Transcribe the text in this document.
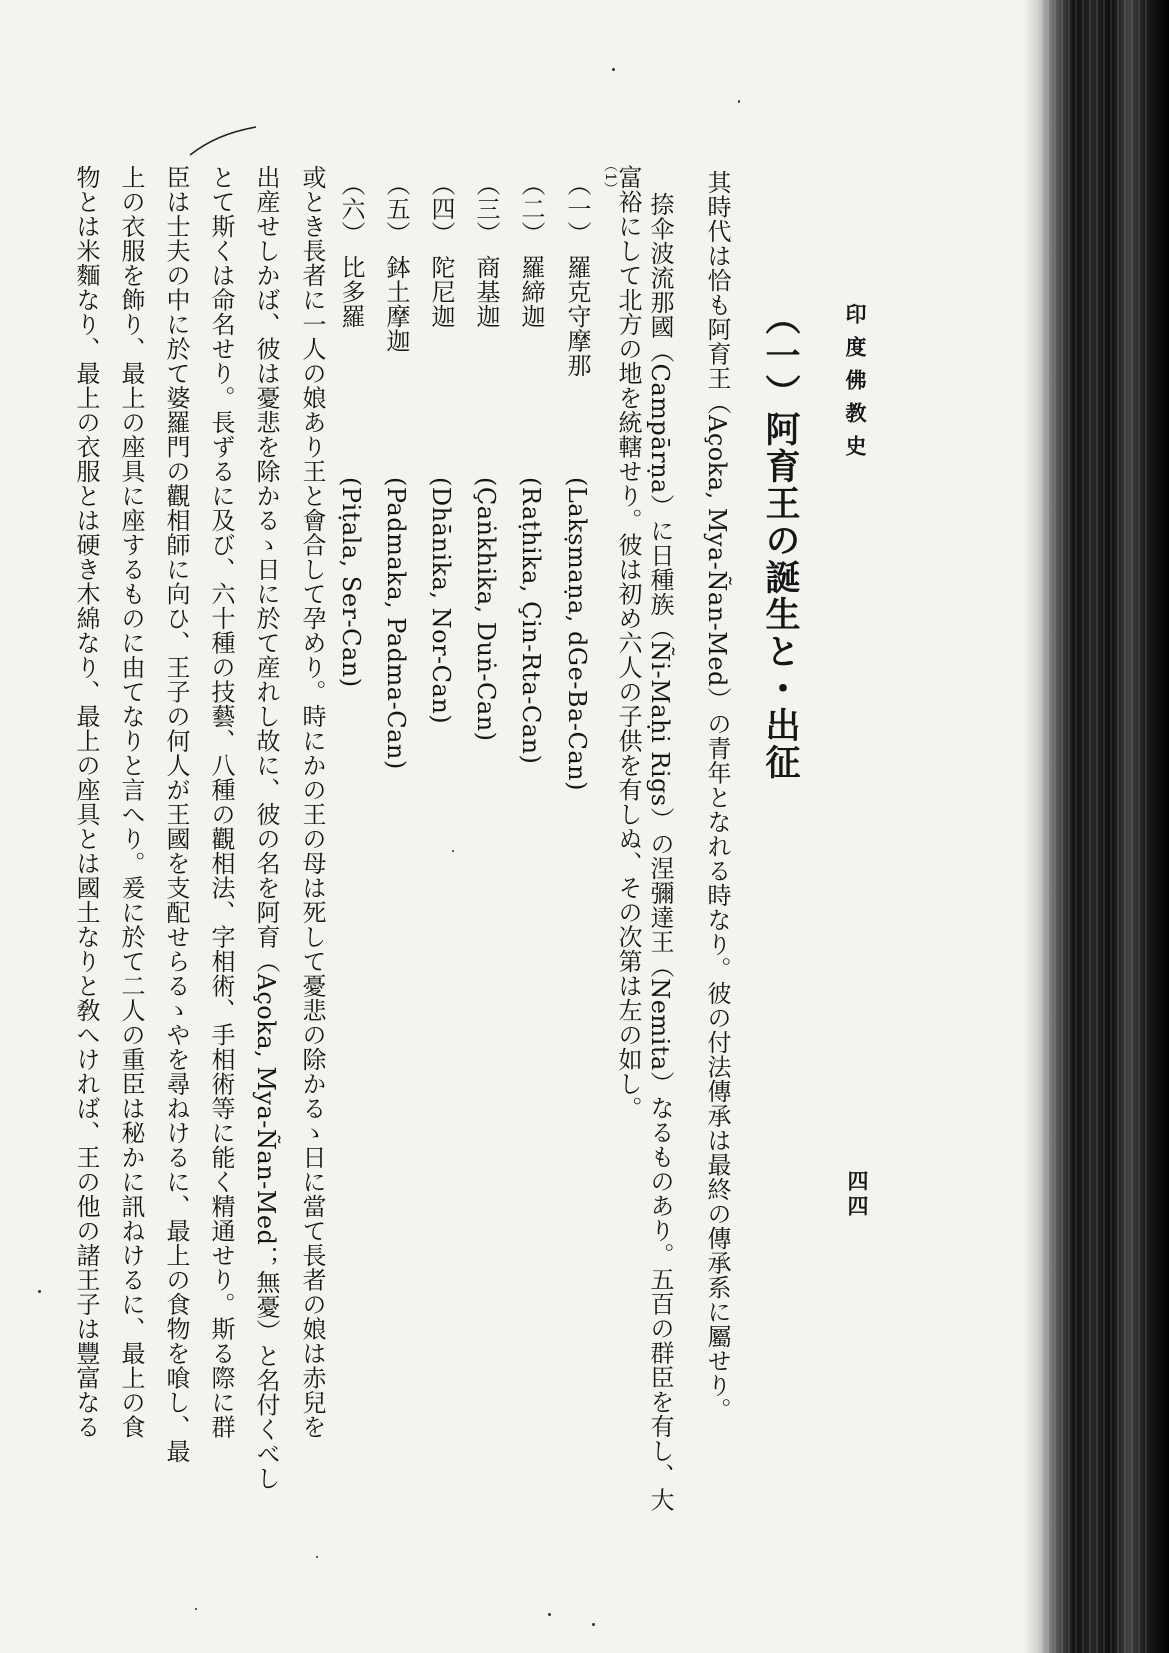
印度佛教史
四四
（一）阿育王の誕生と・出征
其時代は恰も阿育王（Açoka, Mya-Ñan-Med）の青年となれる時なり。彼の付法傳承は最終の傳承系に屬せり。
捺伞波流那國（Campārṇa）に日種族（Ñi-Maḥi Rigs）の涅彌達王（Nemita）なるものあり。五百の群臣を有し、大
（1）
富裕にして北方の地を統轄せり。彼は初め六人の子供を有しぬ、その次第は左の如し。
（一）
羅克守摩那
(Lakṣmaṇa, dGe-Ba-Can)
（二）
羅締迦
(Raṭhika, Çin-Rta-Can)
（三）
商基迦
(Çaṅkhika, Duṅ-Can)
（四）
陀尼迦
(Dhānika, Nor-Can)
（五）
鉢土摩迦
(Padmaka, Padma-Can)
（六）
比多羅
(Piṭala, Ser-Can)
或とき長者に一人の娘あり王と會合して孕めり。時にかの王の母は死して憂悲の除かるゝ日に當て長者の娘は赤兒を
出産せしかば、彼は憂悲を除かるゝ日に於て産れし故に、彼の名を阿育（Açoka, Mya-Ñan-Med；無憂）と名付くべし
とて斯くは命名せり。長ずるに及び、六十種の技藝、八種の觀相法、字相術、手相術等に能く精通せり。斯る際に群
臣は士夫の中に於て婆羅門の觀相師に向ひ、王子の何人が王國を支配せらるゝやを尋ねけるに、最上の食物を喰し、最
上の衣服を飾り、最上の座具に座するものに由てなりと言へり。爰に於て二人の重臣は秘かに訊ねけるに、最上の食
物とは米麵なり、最上の衣服とは硬き木綿なり、最上の座具とは國土なりと敎へければ、王の他の諸王子は豐富なる
